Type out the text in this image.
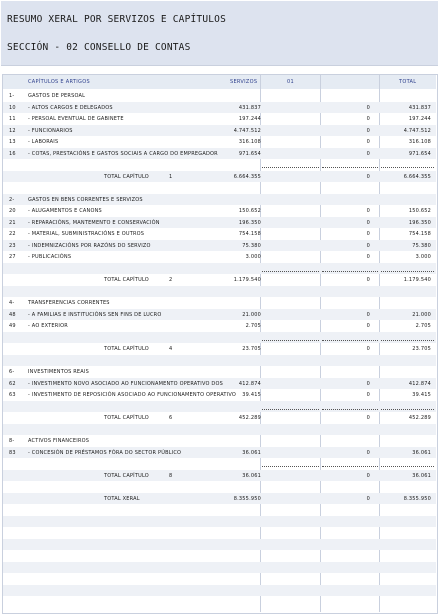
RESUMO XERAL POR SERVIZOS E CAPÍTULOS
SECCIÓN - 02 CONSELLO DE CONTAS
CAPÍTULOS E ARTIGOS	SERVIZOS	01	TOTAL
1-	GASTOS DE PERSOAL
10 - ALTOS CARGOS E DELEGADOS	431.837	0	431.837
11 - PERSOAL EVENTUAL DE GABINETE	197.244	0	197.244
12 - FUNCIONARIOS	4.747.512	0	4.747.512
13 - LABORAIS	316.108	0	316.108
16 - COTAS, PRESTACIÓNS E GASTOS SOCIAIS A CARGO DO EMPREGADOR	971.654	0	971.654
TOTAL CAPÍTULO	1	6.664.355	0	6.664.355
2-	GASTOS EN BENS CORRENTES E SERVIZOS
20 - ALUGAMENTOS E CANONS	150.652	0	150.652
21 - REPARACIÓNS, MANTEMENTO E CONSERVACIÓN	196.350	0	196.350
22 - MATERIAL, SUBMINISTRACIÓNS E OUTROS	754.158	0	754.158
23 - INDEMNIZACIÓNS POR RAZÓNS DO SERVIZO	75.380	0	75.380
27 - PUBLICACIÓNS	3.000	0	3.000
TOTAL CAPÍTULO	2	1.179.540	0	1.179.540
4-	TRANSFERENCIAS CORRENTES
48 - A FAMILIAS E INSTITUCIÓNS SEN FINS DE LUCRO	21.000	0	21.000
49 - AO EXTERIOR	2.705	0	2.705
TOTAL CAPÍTULO	4	23.705	0	23.705
6-	INVESTIMENTOS REAIS
62 - INVESTIMENTO NOVO ASOCIADO AO FUNCIONAMENTO OPERATIVO DOS	412.874	0	412.874
63 - INVESTIMENTO DE REPOSICIÓN ASOCIADO AO FUNCIONAMENTO OPERATIVO 39.415	0	39.415
TOTAL CAPÍTULO	6	452.289	0	452.289
8-	ACTIVOS FINANCEIROS
83 - CONCESIÓN DE PRÉSTAMOS FÓRA DO SECTOR PÚBLICO	36.061	0	36.061
TOTAL CAPÍTULO	8	36.061	0	36.061
TOTAL XERAL	8.355.950	0	8.355.950
